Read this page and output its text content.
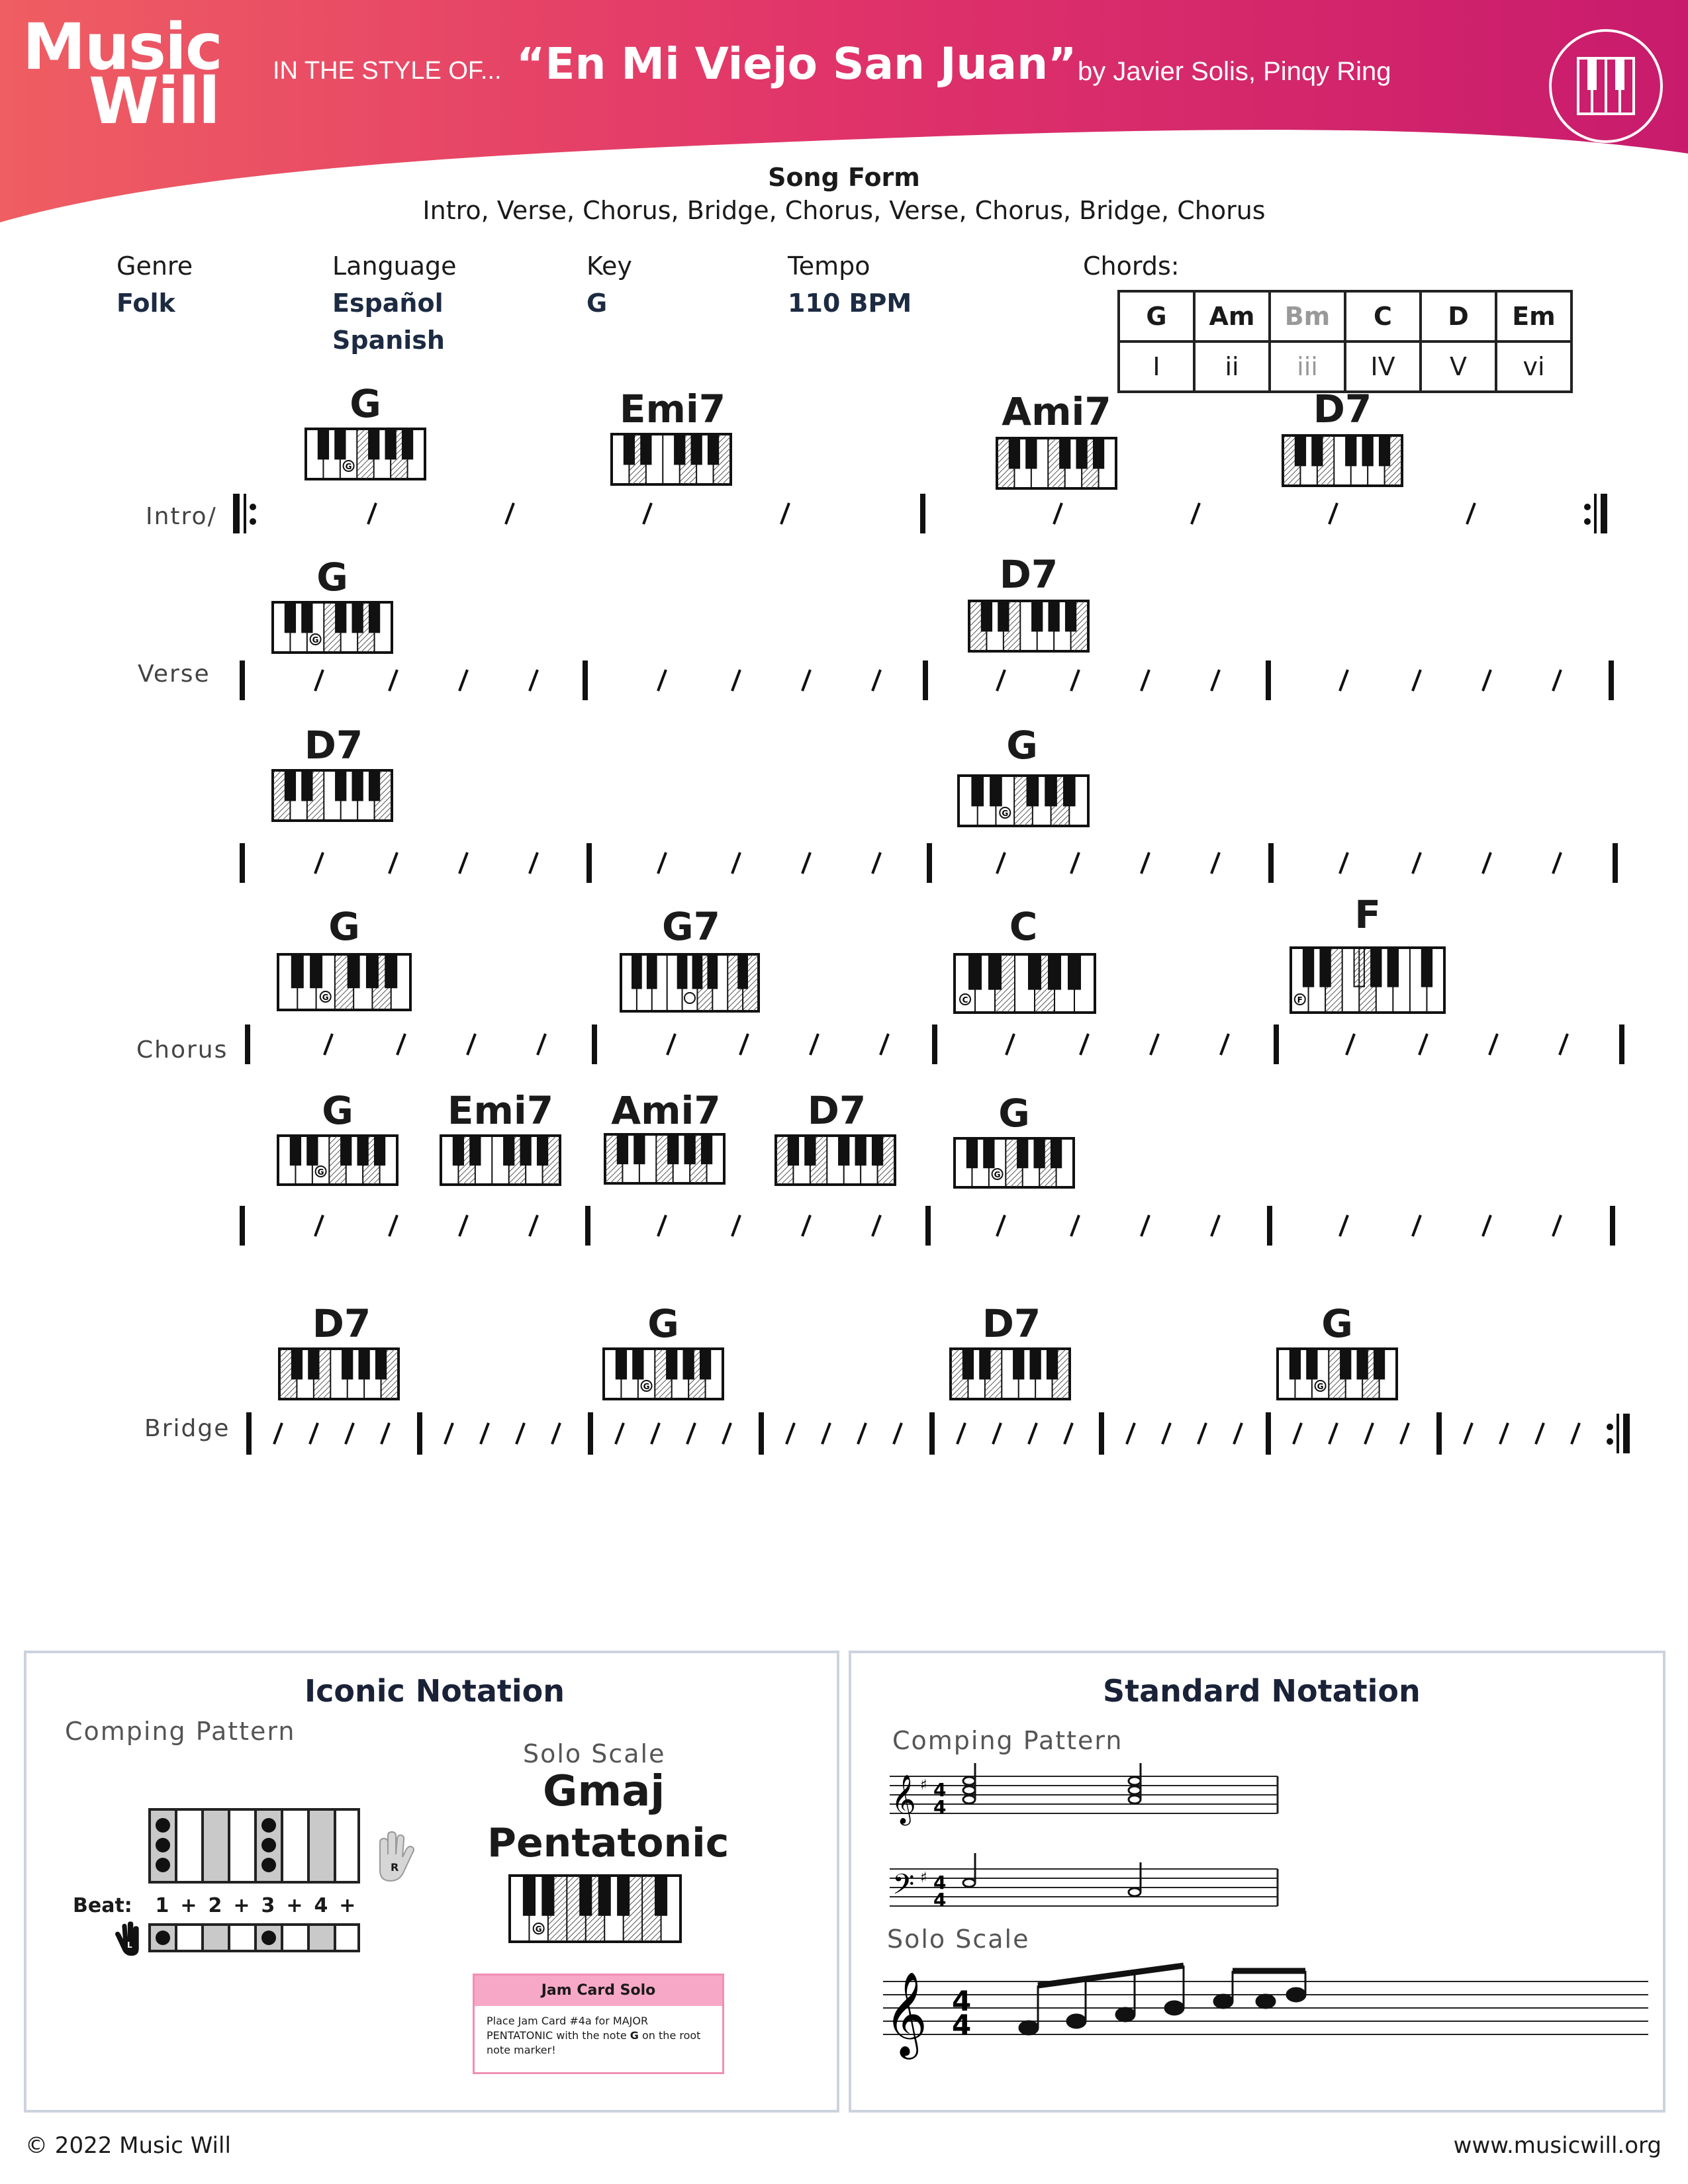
Music
Will IN THE STYLE OF... “En Mi Viejo San Juan” by Javier Solis, Pinqy Ring
Song Form
Intro, Verse, Chorus, Bridge, Chorus, Verse, Chorus, Bridge, Chorus
Genre
Folk
Language
Español
Spanish
Key
G
Tempo
110 BPM
Chords:
G	Am	Bm	C	D	Em
I	ii	iii	IV	V	vi
Intro/
Verse
Chorus
Bridge
G	Emi7	Ami7	D7
G	D7
D7	G
G	G7	C	F
G Emi7 Ami7 D7	G
D7	G	D7	G
G
G
G
G	C	F
G	G
G	G
Iconic Notation
Comping Pattern
Beat: 1 + 2 + 3 + 4 +
R
L
Solo Scale
Gmaj
Pentatonic
G
Jam Card Solo
Place Jam Card #4a for MAJOR PENTATONIC with the note G on the root note marker!
Standard Notation
Comping Pattern
Solo Scale
𝄞
𝄢
♯
♯
4
4
4
4
𝄞 4
4
© 2022 Music Will	www.musicwill.org
